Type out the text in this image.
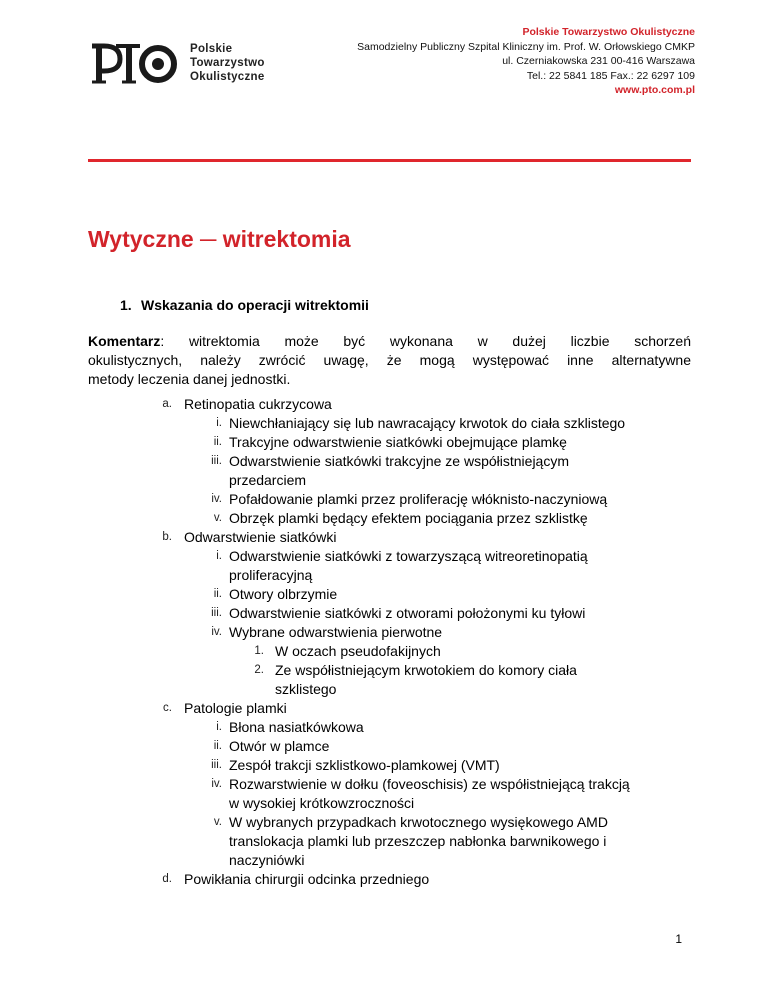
Polskie
Towarzystwo
Okulistyczne
Polskie Towarzystwo Okulistyczne
Samodzielny Publiczny Szpital Kliniczny im. Prof. W. Orłowskiego CMKP
ul. Czerniakowska 231 00-416 Warszawa
Tel.: 22 5841 185 Fax.: 22 6297 109
www.pto.com.pl
Wytyczne ─ witrektomia
1. Wskazania do operacji witrektomii
Komentarz: witrektomia może być wykonana w dużej liczbie schorzeń
okulistycznych, należy zwrócić uwagę, że mogą występować inne alternatywne
metody leczenia danej jednostki.
a. Retinopatia cukrzycowa
i. Niewchłaniający się lub nawracający krwotok do ciała szklistego
ii. Trakcyjne odwarstwienie siatkówki obejmujące plamkę
iii. Odwarstwienie siatkówki trakcyjne ze współistniejącym
przedarciem
iv. Pofałdowanie plamki przez proliferację włóknisto-naczyniową
v. Obrzęk plamki będący efektem pociągania przez szklistkę
b. Odwarstwienie siatkówki
i. Odwarstwienie siatkówki z towarzyszącą witreoretinopatią
proliferacyjną
ii. Otwory olbrzymie
iii. Odwarstwienie siatkówki z otworami położonymi ku tyłowi
iv. Wybrane odwarstwienia pierwotne
1. W oczach pseudofakijnych
2. Ze współistniejącym krwotokiem do komory ciała
szklistego
c. Patologie plamki
i. Błona nasiatkówkowa
ii. Otwór w plamce
iii. Zespół trakcji szklistkowo-plamkowej (VMT)
iv. Rozwarstwienie w dołku (foveoschisis) ze współistniejącą trakcją
w wysokiej krótkowzroczności
v. W wybranych przypadkach krwotocznego wysiękowego AMD
translokacja plamki lub przeszczep nabłonka barwnikowego i
naczyniówki
d. Powikłania chirurgii odcinka przedniego
1
